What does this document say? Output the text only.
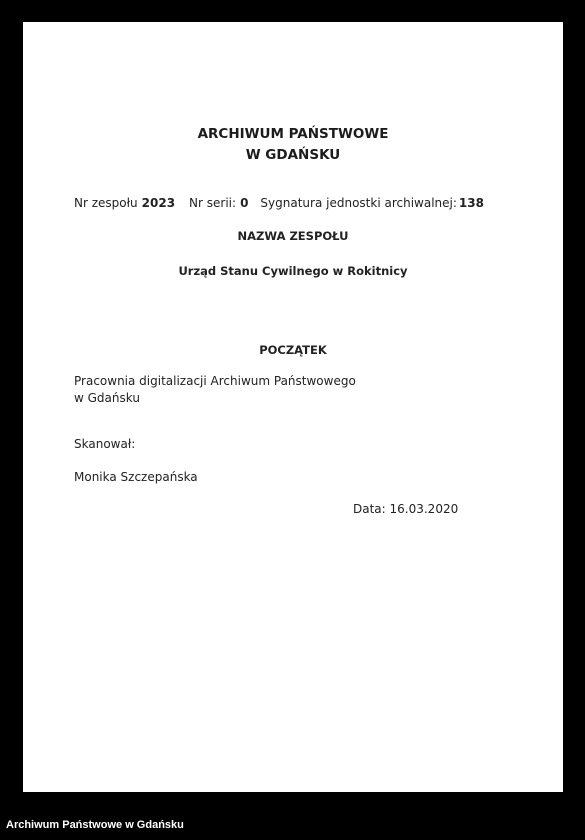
ARCHIWUM PAŃSTWOWE
W GDAŃSKU
Nr zespołu 2023 Nr serii: 0 Sygnatura jednostki archiwalnej: 138
NAZWA ZESPOŁU
Urząd Stanu Cywilnego w Rokitnicy
POCZĄTEK
Pracownia digitalizacji Archiwum Państwowego
w Gdańsku
Skanował:
Monika Szczepańska
Data: 16.03.2020
Archiwum Państwowe w Gdańsku
